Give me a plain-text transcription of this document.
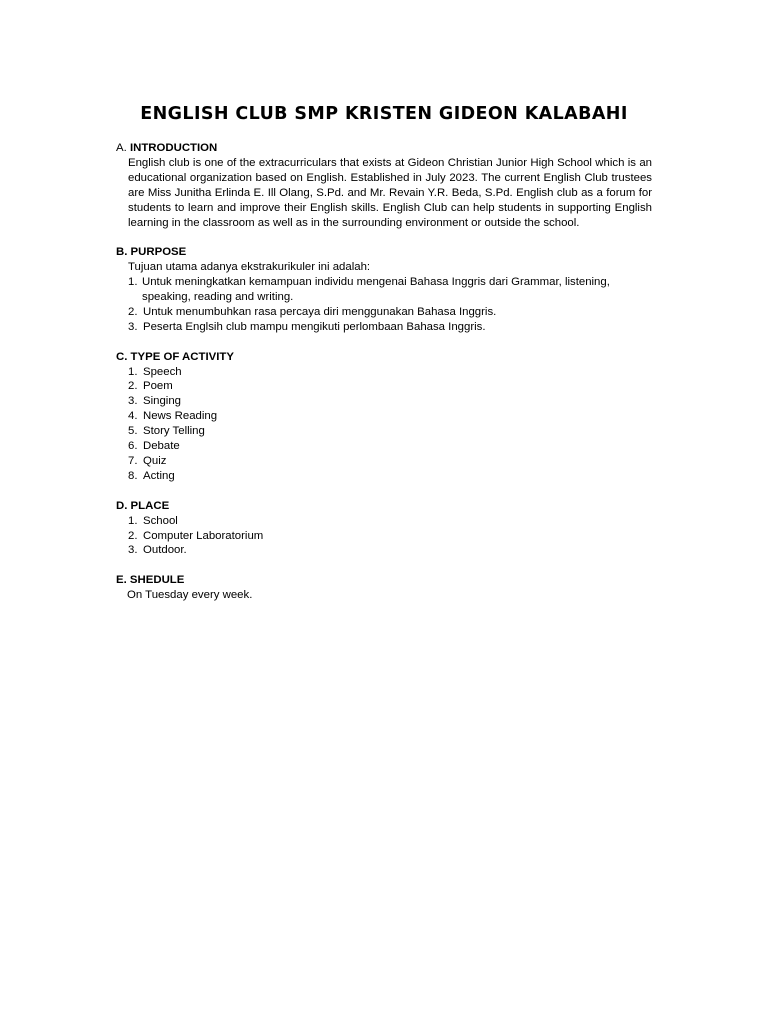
ENGLISH CLUB SMP KRISTEN GIDEON KALABAHI
A. INTRODUCTION
English club is one of the extracurriculars that exists at Gideon Christian Junior High School which is an educational organization based on English. Established in July 2023. The current English Club trustees are Miss Junitha Erlinda E. Ill Olang, S.Pd. and Mr. Revain Y.R. Beda, S.Pd. English club as a forum for students to learn and improve their English skills. English Club can help students in supporting English learning in the classroom as well as in the surrounding environment or outside the school.
B. PURPOSE
Tujuan utama adanya ekstrakurikuler ini adalah:
1. Untuk meningkatkan kemampuan individu mengenai Bahasa Inggris dari Grammar, listening, speaking, reading and writing.
2. Untuk menumbuhkan rasa percaya diri menggunakan Bahasa Inggris.
3. Peserta Englsih club mampu mengikuti perlombaan Bahasa Inggris.
C. TYPE OF ACTIVITY
1. Speech
2. Poem
3. Singing
4. News Reading
5. Story Telling
6. Debate
7. Quiz
8. Acting
D. PLACE
1. School
2. Computer Laboratorium
3. Outdoor.
E. SHEDULE
On Tuesday every week.
